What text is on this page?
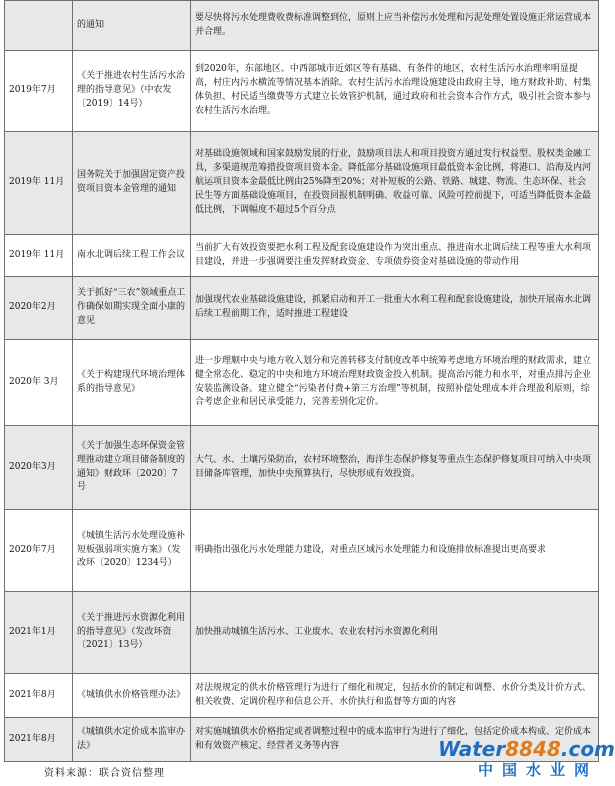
	的通知	要尽快将污水处理费收费标准调整到位，原则上应当补偿污水处理和污泥处理处置设施正常运营成本并合理。
2019年7月	《关于推进农村生活污水治理的指导意见》（中农发〔2019〕14号）	到2020年，东部地区、中西部城市近郊区等有基础、有条件的地区，农村生活污水治理率明显提高，村庄内污水横流等情况基本消除。农村生活污水治理设施建设由政府主导，地方财政补助、村集体负担、村民适当缴费等方式建立长效管护机制，通过政府和社会资本合作方式，吸引社会资本参与农村生活污水治理。
2019年 11月	国务院关于加强固定资产投资项目资本金管理的通知	对基础设施领域和国家鼓励发展的行业，鼓励项目法人和项目投资方通过发行权益型、股权类金融工具，多渠道规范筹措投资项目资本金。降低部分基础设施项目最低资本金比例，将港口、沿海及内河航运项目资本金最低比例由25%降至20%；对补短板的公路、铁路、城建、物流、生态环保、社会民生等方面基础设施项目，在投资回报机制明确、收益可靠、风险可控前提下，可适当降低资本金最低比例，下调幅度不超过5个百分点
2019年 11月	南水北调后续工程工作会议	当前扩大有效投资要把水利工程及配套设施建设作为突出重点、推进南水北调后续工程等重大水利项目建设，并进一步强调要注重发挥财政资金、专项债券资金对基础设施的带动作用
2020年2月	关于抓好“三农”领域重点工作确保如期实现全面小康的意见	加强现代农业基础设施建设，抓紧启动和开工一批重大水利工程和配套设施建设，加快开展南水北调后续工程前期工作，适时推进工程建设
2020年 3月	《关于构建现代环境治理体系的指导意见》	进一步理顺中央与地方收入划分和完善转移支付制度改革中统筹考虑地方环境治理的财政需求，建立健全常态化、稳定的中央和地方环境治理财政资金投入机制。提高治污能力和水平，对重点排污企业安装监测设备。建立健全“污染者付费+第三方治理”等机制，按照补偿处理成本并合理盈利原则，综合考虑企业和居民承受能力，完善差别化定价。
2020年3月	《关于加强生态环保资金管理推动建立项目储备制度的通知》财政环〔2020〕7号	大气、水、土壤污染防治，农村环境整治，海洋生态保护修复等重点生态保护修复项目可纳入中央项目储备库管理，加快中央预算执行，尽快形成有效投资。
2020年7月	《城镇生活污水处理设施补短板强弱项实施方案》（发改环〔2020〕1234号）	明确指出强化污水处理能力建设，对重点区域污水处理能力和设施排放标准提出更高要求
2021年1月	《关于推进污水资源化利用的指导意见》（发改环资〔2021〕13号）	加快推动城镇生活污水、工业废水、农业农村污水资源化利用
2021年8月	《城镇供水价格管理办法》	对法规规定的供水价格管理行为进行了细化和规定，包括水价的制定和调整、水价分类及计价方式、相关收费、定调价程序和信息公开、水价执行和监督等方面的内容
2021年8月	《城镇供水定价成本监审办法》	对实施城镇供水价格指定或者调整过程中的成本监审行为进行了细化，包括定价成本构成、定价成本和有效资产核定、经营者义务等内容
资料来源：联合资信整理
Water8848.com
中国水业网
